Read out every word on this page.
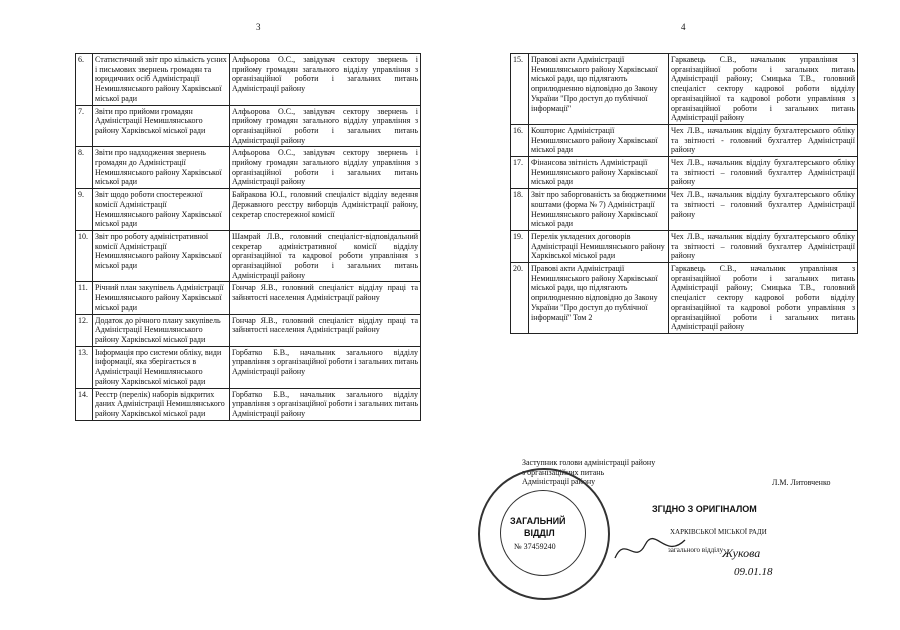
3	4
6.	Статистичний звіт про кількість усних і письмових звернень громадян та юридичних осіб Адміністрації Немишлянського району Харківської міської ради	Алфьорова О.С., завідувач сектору звернень і прийому громадян загального відділу управління з організаційної роботи і загальних питань Адміністрації району
7.	Звіти про прийоми громадян Адміністрації Немишлянського району Харківської міської ради	Алфьорова О.С., завідувач сектору звернень і прийому громадян загального відділу управління з організаційної роботи і загальних питань Адміністрації району
8.	Звіти про надходження звернень громадян до Адміністрації Немишлянського району Харківської міської ради	Алфьорова О.С., завідувач сектору звернень і прийому громадян загального відділу управління з організаційної роботи і загальних питань Адміністрації району
9.	Звіт щодо роботи спостережної комісії Адміністрації Немишлянського району Харківської міської ради	Байракова Ю.І., головний спеціаліст відділу ведення Державного реєстру виборців Адміністрації району, секретар спостережної комісії
10.	Звіт про роботу адміністративної комісії Адміністрації Немишлянського району Харківської міської ради	Шамрай Л.В., головний спеціаліст-відповідальний секретар адміністративної комісії відділу організаційної та кадрової роботи управління з організаційної роботи і загальних питань Адміністрації району
11.	Річний план закупівель Адміністрації Немишлянського району Харківської міської ради	Гончар Я.В., головний спеціаліст відділу праці та зайнятості населення Адміністрації району
12.	Додаток до річного плану закупівель Адміністрації Немишлянського району Харківської міської ради	Гончар Я.В., головний спеціаліст відділу праці та зайнятості населення Адміністрації району
13.	Інформація про системи обліку, види інформації, яка зберігається в Адміністрації Немишлянського району Харківської міської ради	Горбатко Б.В., начальник загального відділу управління з організаційної роботи і загальних питань Адміністрації району
14.	Реєстр (перелік) наборів відкритих даних Адміністрації Немишлянського району Харківської міської ради	Горбатко Б.В., начальник загального відділу управління з організаційної роботи і загальних питань Адміністрації району
15.	Правові акти Адміністрації Немишлянського району Харківської міської ради, що підлягають оприлюдненню відповідно до Закону України "Про доступ до публічної інформації"	Гаркавець С.В., начальник управління з організаційної роботи і загальних питань Адміністрації району; Смицька Т.В., головний спеціаліст сектору кадрової роботи відділу організаційної та кадрової роботи управління з організаційної роботи і загальних питань Адміністрації району
16.	Кошторис Адміністрації Немишлянського району Харківської міської ради	Чех Л.В., начальник відділу бухгалтерського обліку та звітності - головний бухгалтер Адміністрації району
17.	Фінансова звітність Адміністрації Немишлянського району Харківської міської ради	Чех Л.В., начальник відділу бухгалтерського обліку та звітності – головний бухгалтер Адміністрації району
18.	Звіт про заборгованість за бюджетними коштами (форма № 7) Адміністрації Немишлянського району Харківської міської ради	Чех Л.В., начальник відділу бухгалтерського обліку та звітності – головний бухгалтер Адміністрації району
19.	Перелік укладених договорів Адміністрації Немишлянського району Харківської міської ради	Чех Л.В., начальник відділу бухгалтерського обліку та звітності – головний бухгалтер Адміністрації району
20.	Правові акти Адміністрації Немишлянського району Харківської міської ради, що підлягають оприлюдненню відповідно до Закону України "Про доступ до публічної інформації" Том 2	Гаркавець С.В., начальник управління з організаційної роботи і загальних питань Адміністрації району; Смицька Т.В., головний спеціаліст сектору кадрової роботи відділу організаційної та кадрової роботи управління з організаційної роботи і загальних питань Адміністрації району
Заступник голови адміністрації району
з організаційних питань
Адміністрації району	Л.М. Литовченко
ЗАГАЛЬНИЙ
ВІДДІЛ
№ 37459240
ЗГІДНО З ОРИГІНАЛОМ
ХАРКІВСЬКОЇ МІСЬКОЇ РАДИ
загального відділу
Жукова
09.01.18
